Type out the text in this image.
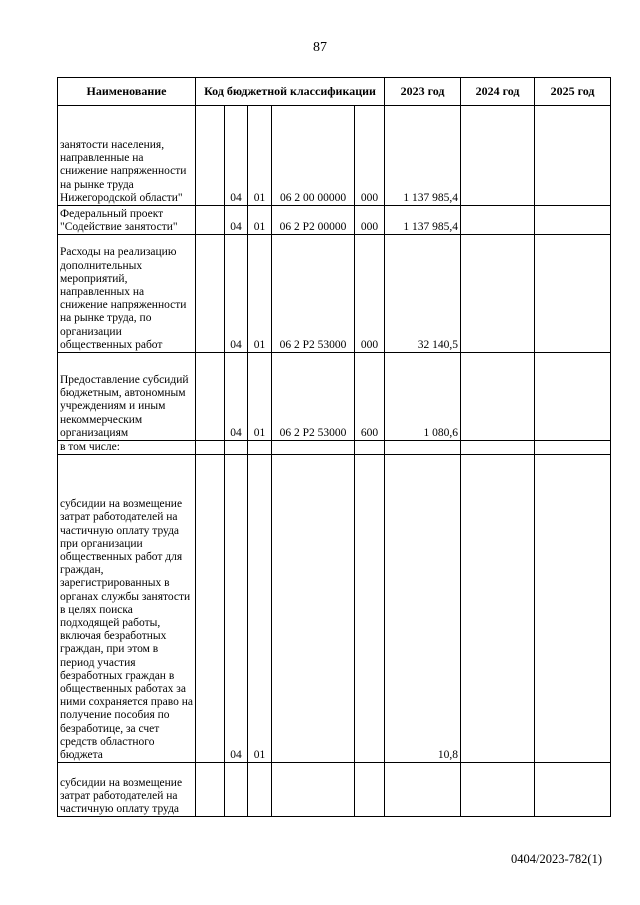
87
Наименование	Код бюджетной классификации					2023 год	2024 год	2025 год
занятости населения, направленные на снижение напряженности на рынке труда Нижегородской области"		04	01	06 2 00 00000	000	1 137 985,4		
Федеральный проект "Содействие занятости"		04	01	06 2 Р2 00000	000	1 137 985,4		
Расходы на реализацию дополнительных мероприятий, направленных на снижение напряженности на рынке труда, по организации общественных работ		04	01	06 2 Р2 53000	000	32 140,5		
Предоставление субсидий бюджетным, автономным учреждениям и иным некоммерческим организациям		04	01	06 2 Р2 53000	600	1 080,6		
в том числе:								
субсидии на возмещение затрат работодателей на частичную оплату труда при организации общественных работ для граждан, зарегистрированных в органах службы занятости в целях поиска подходящей работы, включая безработных граждан, при этом в период участия безработных граждан в общественных работах за ними сохраняется право на получение пособия по безработице, за счет средств областного бюджета		04	01			10,8		
субсидии на возмещение затрат работодателей на частичную оплату труда								
0404/2023-782(1)
